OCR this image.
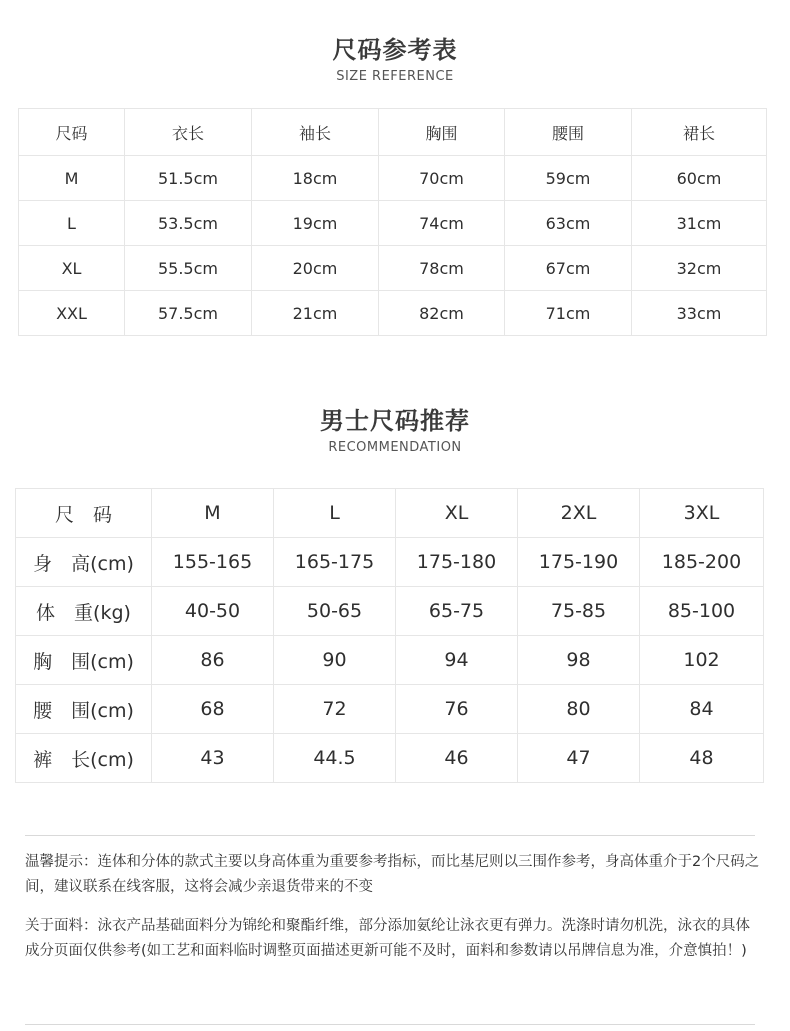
尺码参考表
SIZE REFERENCE
尺码	衣长	袖长	胸围	腰围	裙长
M	51.5cm	18cm	70cm	59cm	60cm
L	53.5cm	19cm	74cm	63cm	31cm
XL	55.5cm	20cm	78cm	67cm	32cm
XXL	57.5cm	21cm	82cm	71cm	33cm
男士尺码推荐
RECOMMENDATION
尺　码	M	L	XL	2XL	3XL
身　高(cm)	155-165	165-175	175-180	175-190	185-200
体　重(kg)	40-50	50-65	65-75	75-85	85-100
胸　围(cm)	86	90	94	98	102
腰　围(cm)	68	72	76	80	84
裤　长(cm)	43	44.5	46	47	48
温馨提示：连体和分体的款式主要以身高体重为重要参考指标，而比基尼则以三围作参考，身高体重介于2个尺码之间，建议联系在线客服，这将会减少亲退货带来的不变
关于面料：泳衣产品基础面料分为锦纶和聚酯纤维，部分添加氨纶让泳衣更有弹力。洗涤时请勿机洗，泳衣的具体成分页面仅供参考(如工艺和面料临时调整页面描述更新可能不及时，面料和参数请以吊牌信息为准，介意慎拍！)
